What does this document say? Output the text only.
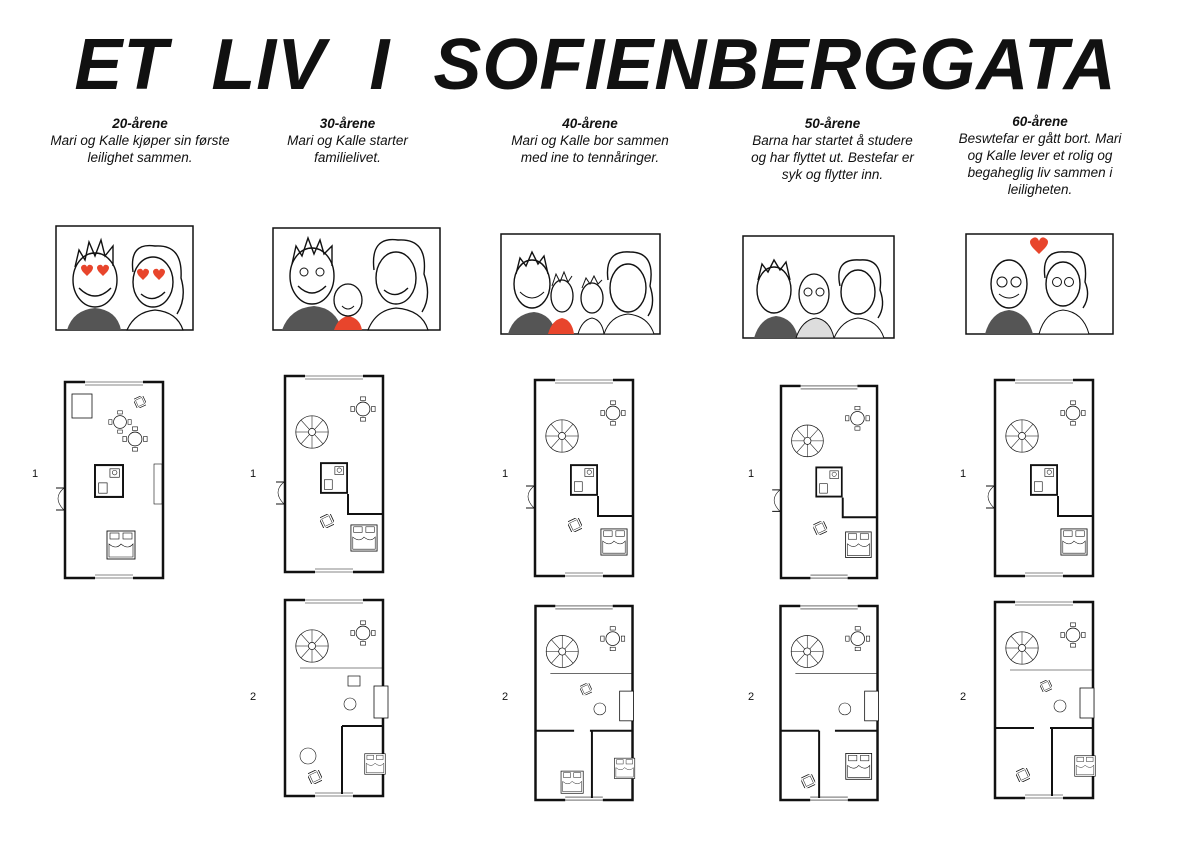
ET LIV I SOFIENBERGGATA
20-årene
Mari og Kalle kjøper sin første leilighet sammen.
30-årene
Mari og Kalle starter familielivet.
40-årene
Mari og Kalle bor sammen med ine to tennåringer.
50-årene
Barna har startet å studere og har flyttet ut. Bestefar er syk og flytter inn.
60-årene
Beswtefar er gått bort. Mari og Kalle lever et rolig og begaheglig liv sammen i leiligheten.
1	1	1	1	1
2	2	2	2
